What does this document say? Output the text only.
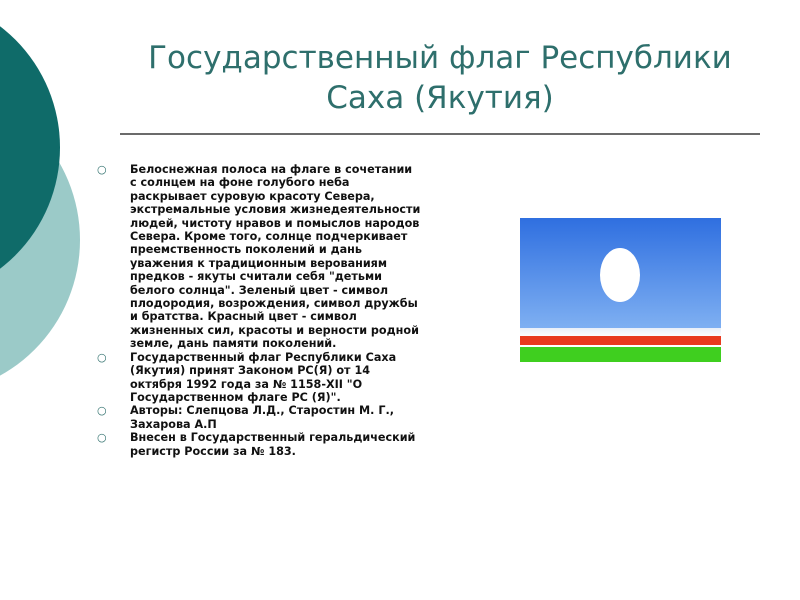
Государственный флаг Республики
Саха (Якутия)
○ Белоснежная полоса на флаге в сочетании с солнцем на фоне голубого неба раскрывает суровую красоту Севера, экстремальные условия жизнедеятельности людей, чистоту нравов и помыслов народов Севера. Кроме того, солнце подчеркивает преемственность поколений и дань уважения к традиционным верованиям предков - якуты считали себя "детьми белого солнца". Зеленый цвет - символ плодородия, возрождения, символ дружбы и братства. Красный цвет - символ жизненных сил, красоты и верности родной земле, дань памяти поколений.
○ Государственный флаг Республики Саха (Якутия) принят Законом РС(Я) от 14 октября 1992 года за № 1158-XII "О Государственном флаге РС (Я)".
○ Авторы: Слепцова Л.Д., Старостин М. Г., Захарова А.П
○ Внесен в Государственный геральдический регистр России за № 183.
